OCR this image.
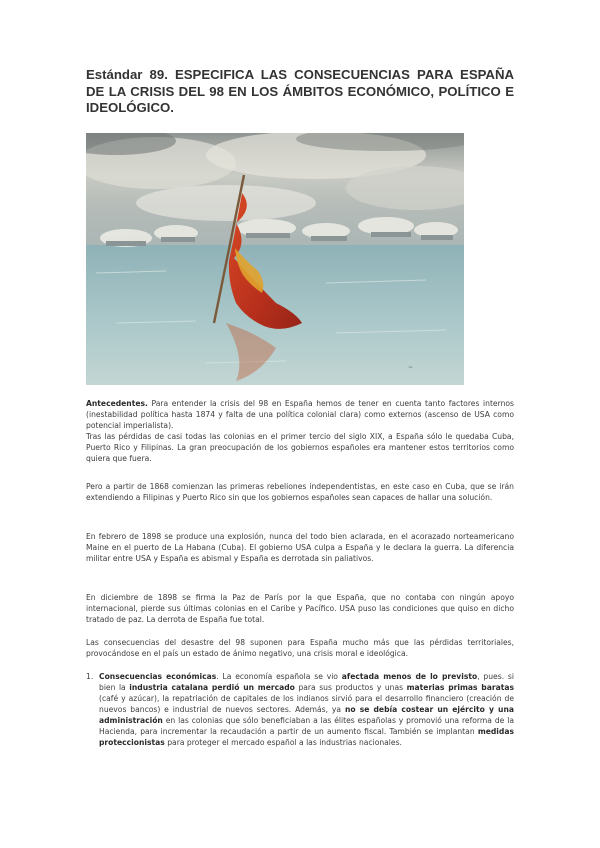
Estándar 89. ESPECIFICA LAS CONSECUENCIAS PARA ESPAÑA DE LA CRISIS DEL 98 EN LOS ÁMBITOS ECONÓMICO, POLÍTICO E IDEOLÓGICO.
~

Antecedentes. Para entender la crisis del 98 en España hemos de tener en cuenta tanto factores internos (inestabilidad política hasta 1874 y falta de una política colonial clara) como externos (ascenso de USA como potencial imperialista).
Tras las pérdidas de casi todas las colonias en el primer tercio del siglo XIX, a España sólo le quedaba Cuba, Puerto Rico y Filipinas. La gran preocupación de los gobiernos españoles era mantener estos territorios como quiera que fuera.

Pero a partir de 1868 comienzan las primeras rebeliones independentistas, en este caso en Cuba, que se irán extendiendo a Filipinas y Puerto Rico sin que los gobiernos españoles sean capaces de hallar una solución.

En febrero de 1898 se produce una explosión, nunca del todo bien aclarada, en el acorazado norteamericano Maine en el puerto de La Habana (Cuba). El gobierno USA culpa a España y le declara la guerra. La diferencia militar entre USA y España es abismal y España es derrotada sin paliativos.

En diciembre de 1898 se firma la Paz de París por la que España, que no contaba con ningún apoyo internacional, pierde sus últimas colonias en el Caribe y Pacífico. USA puso las condiciones que quiso en dicho tratado de paz. La derrota de España fue total.

Las consecuencias del desastre del 98 suponen para España mucho más que las pérdidas territoriales, provocándose en el país un estado de ánimo negativo, una crisis moral e ideológica.

1. Consecuencias económicas. La economía española se vio afectada menos de lo previsto, pues. si bien la industria catalana perdió un mercado para sus productos y unas materias primas baratas (café y azúcar), la repatriación de capitales de los indianos sirvió para el desarrollo financiero (creación de nuevos bancos) e industrial de nuevos sectores. Además, ya no se debía costear un ejército y una administración en las colonias que sólo beneficiaban a las élites españolas y promovió una reforma de la Hacienda, para incrementar la recaudación a partir de un aumento fiscal. También se implantan medidas proteccionistas para proteger el mercado español a las industrias nacionales.
